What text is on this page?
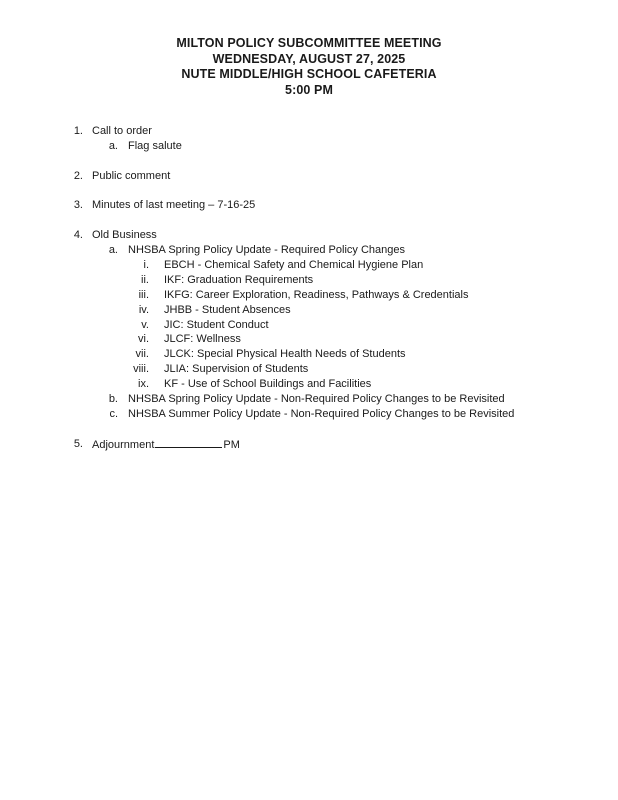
MILTON POLICY SUBCOMMITTEE MEETING
WEDNESDAY, AUGUST 27, 2025
NUTE MIDDLE/HIGH SCHOOL CAFETERIA
5:00 PM
1. Call to order
a. Flag salute
2. Public comment
3. Minutes of last meeting – 7-16-25
4. Old Business
a. NHSBA Spring Policy Update - Required Policy Changes
i. EBCH - Chemical Safety and Chemical Hygiene Plan
ii. IKF: Graduation Requirements
iii. IKFG: Career Exploration, Readiness, Pathways & Credentials
iv. JHBB - Student Absences
v. JIC: Student Conduct
vi. JLCF: Wellness
vii. JLCK: Special Physical Health Needs of Students
viii. JLIA: Supervision of Students
ix. KF - Use of School Buildings and Facilities
b. NHSBA Spring Policy Update - Non-Required Policy Changes to be Revisited
c. NHSBA Summer Policy Update - Non-Required Policy Changes to be Revisited
5. Adjournment	PM
